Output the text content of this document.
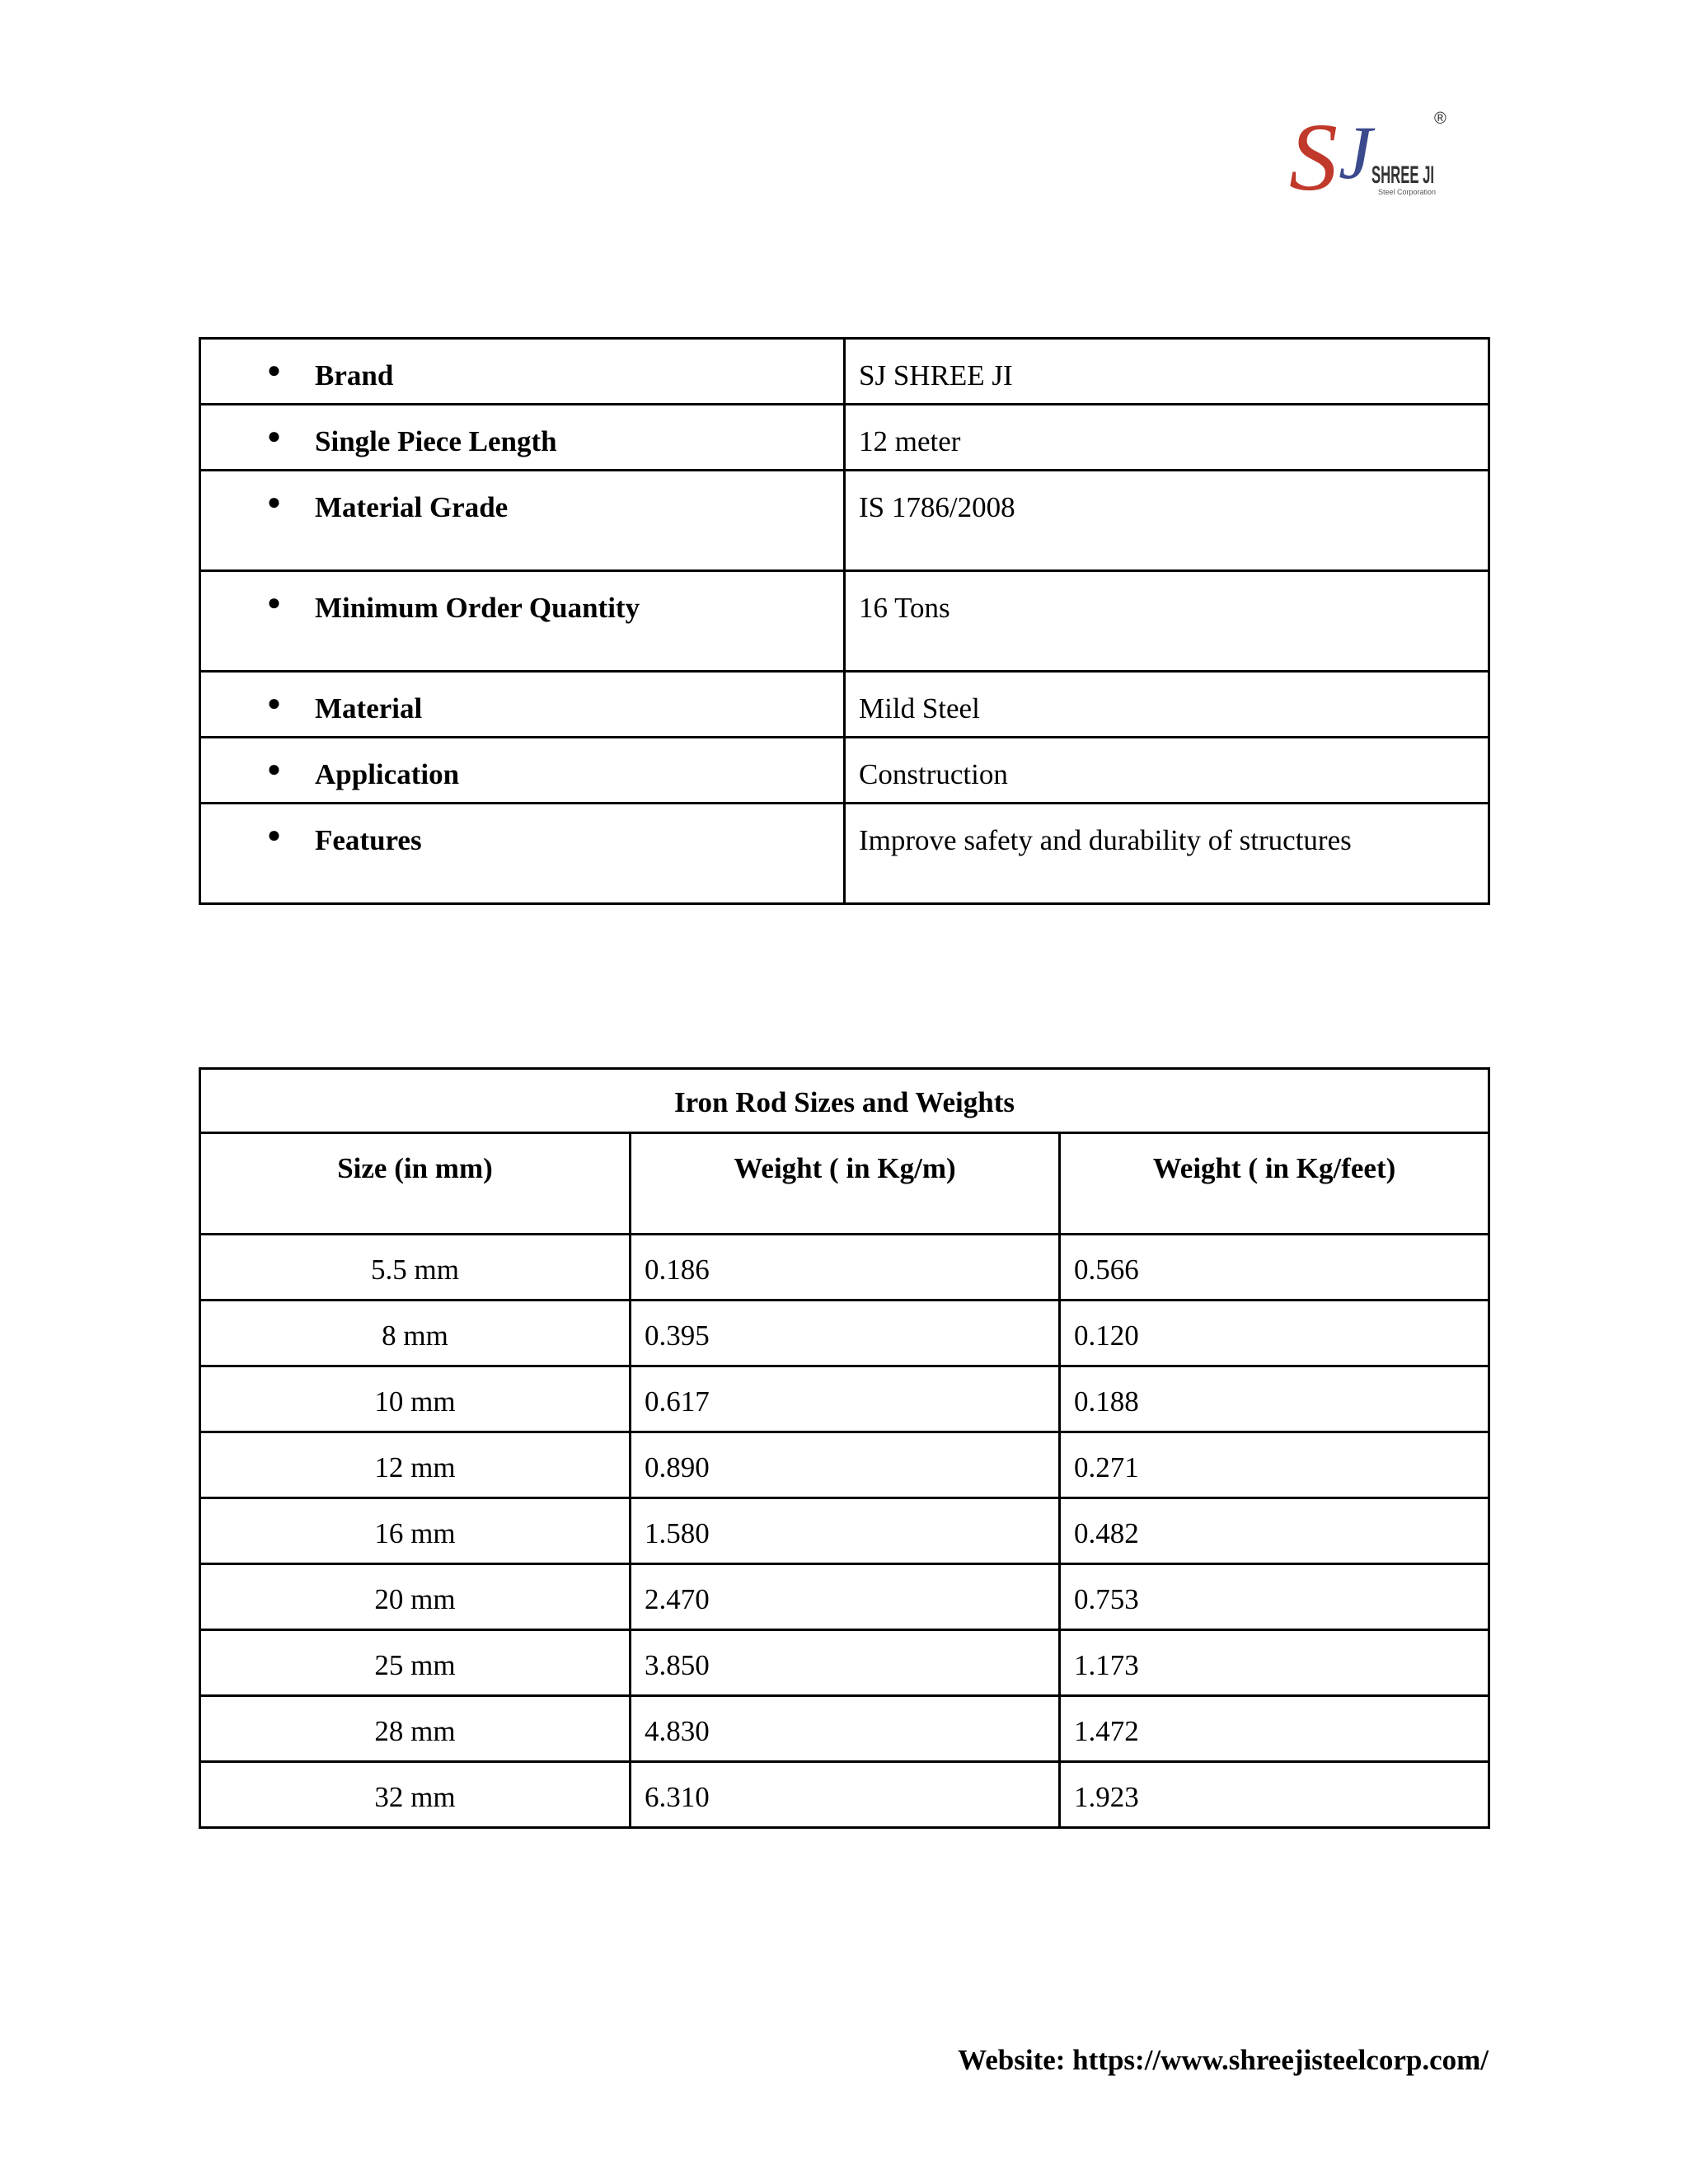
S J SHREE JI
Steel Corporation
®
● Brand	SJ SHREE JI

● Single Piece Length	12 meter

● Material Grade	IS 1786/2008

● Minimum Order Quantity	16 Tons

● Material	Mild Steel

● Application	Construction

● Features	Improve safety and durability of structures
Iron Rod Sizes and Weights		
Size (in mm)	Weight ( in Kg/m)	Weight ( in Kg/feet)
5.5 mm	0.186	0.566
8 mm	0.395	0.120
10 mm	0.617	0.188
12 mm	0.890	0.271
16 mm	1.580	0.482
20 mm	2.470	0.753
25 mm	3.850	1.173
28 mm	4.830	1.472
32 mm	6.310	1.923
Website: https://www.shreejisteelcorp.com/
